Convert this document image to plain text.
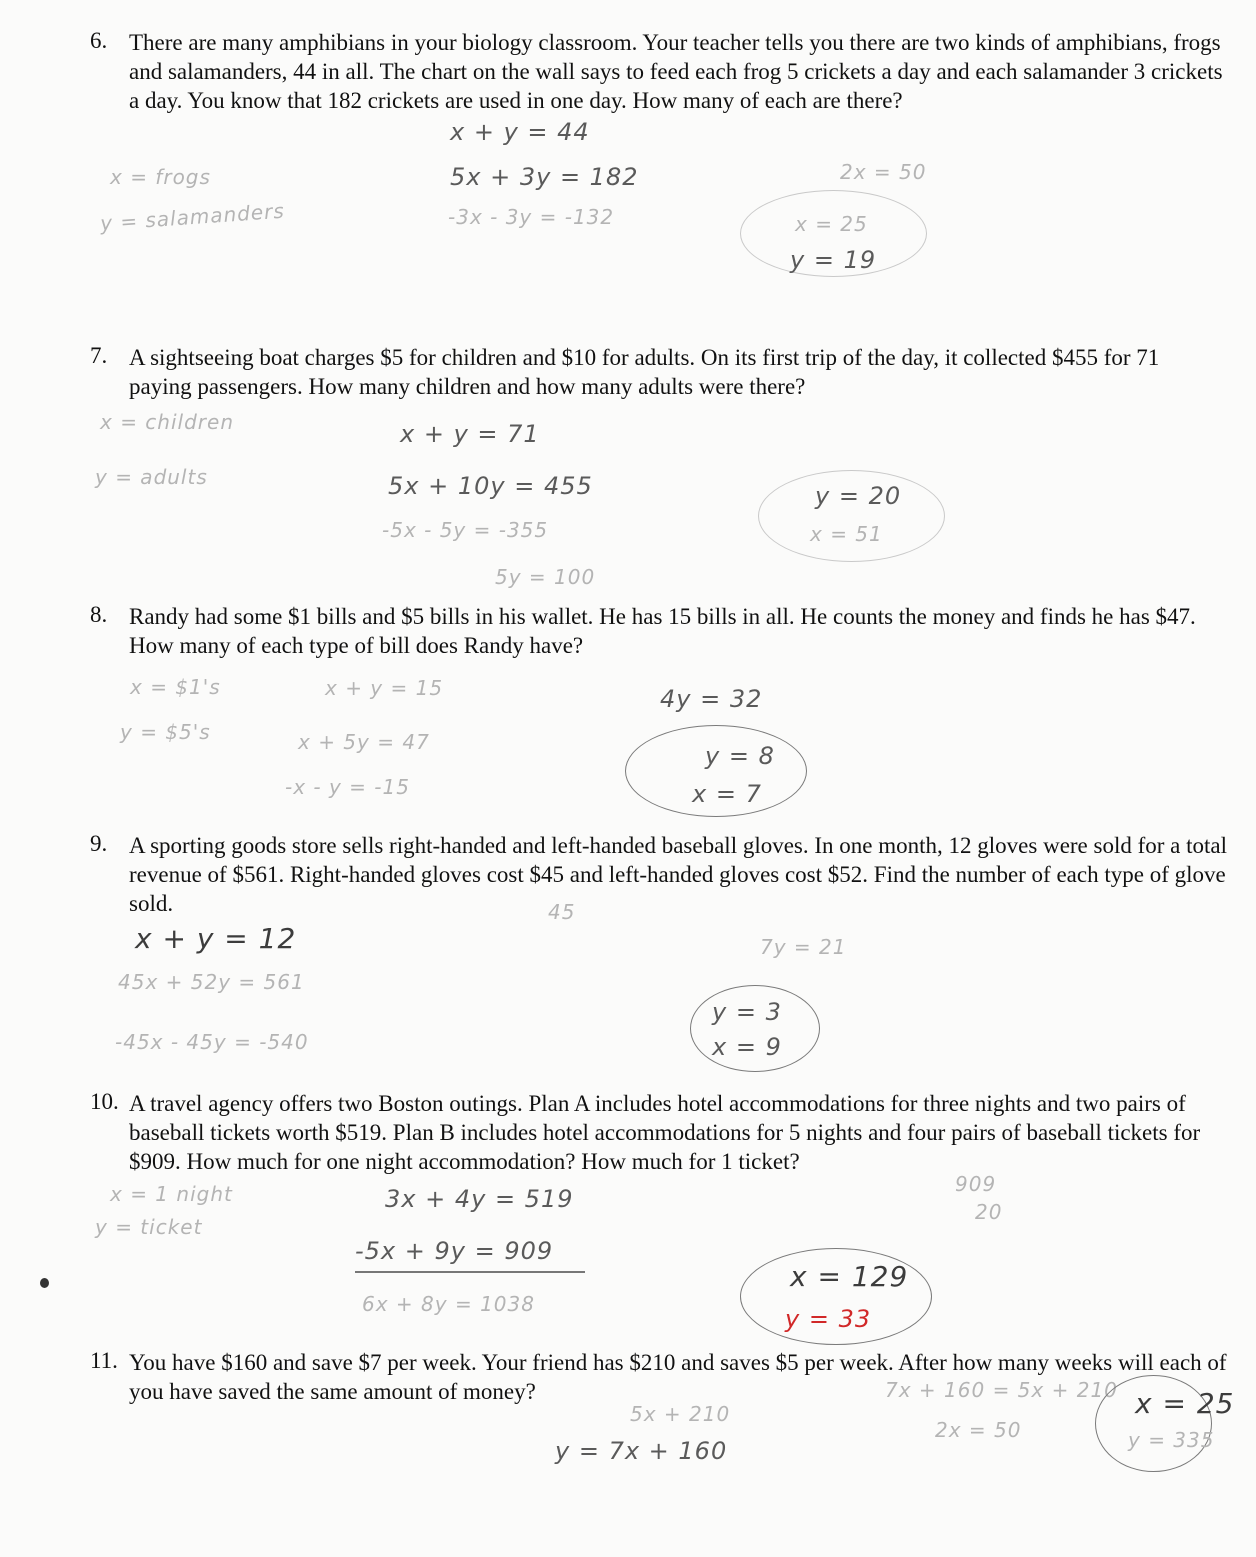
6. There are many amphibians in your biology classroom. Your teacher tells you there are two kinds of amphibians, frogs and salamanders, 44 in all. The chart on the wall says to feed each frog 5 crickets a day and each salamander 3 crickets a day. You know that 182 crickets are used in one day. How many of each are there?
x = frogs
y = salamanders
x + y = 44
5x + 3y = 182
-3x - 3y = -132
2x = 50
x = 25
y = 19
7. A sightseeing boat charges $5 for children and $10 for adults. On its first trip of the day, it collected $455 for 71 paying passengers. How many children and how many adults were there?
x = children
y = adults
x + y = 71
5x + 10y = 455
-5x - 5y = -355
5y = 100
y = 20
x = 51
8. Randy had some $1 bills and $5 bills in his wallet. He has 15 bills in all. He counts the money and finds he has $47. How many of each type of bill does Randy have?
x = $1's
y = $5's
x + y = 15
x + 5y = 47
-x - y = -15
4y = 32
y = 8
x = 7
9. A sporting goods store sells right-handed and left-handed baseball gloves. In one month, 12 gloves were sold for a total revenue of $561. Right-handed gloves cost $45 and left-handed gloves cost $52. Find the number of each type of glove sold.
x + y = 12
45x + 52y = 561
-45x - 45y = -540
45
7y = 21
y = 3
x = 9
10. A travel agency offers two Boston outings. Plan A includes hotel accommodations for three nights and two pairs of baseball tickets worth $519. Plan B includes hotel accommodations for 5 nights and four pairs of baseball tickets for $909. How much for one night accommodation? How much for 1 ticket?
x = 1 night
y = ticket
3x + 4y = 519
-5x + 9y = 909
6x + 8y = 1038
x = 129
y = 33
909
20
11. You have $160 and save $7 per week. Your friend has $210 and saves $5 per week. After how many weeks will each of you have saved the same amount of money?	7x + 160 = 5x + 210
5x + 210
y = 7x + 160
2x = 50
x = 25
y = 335
